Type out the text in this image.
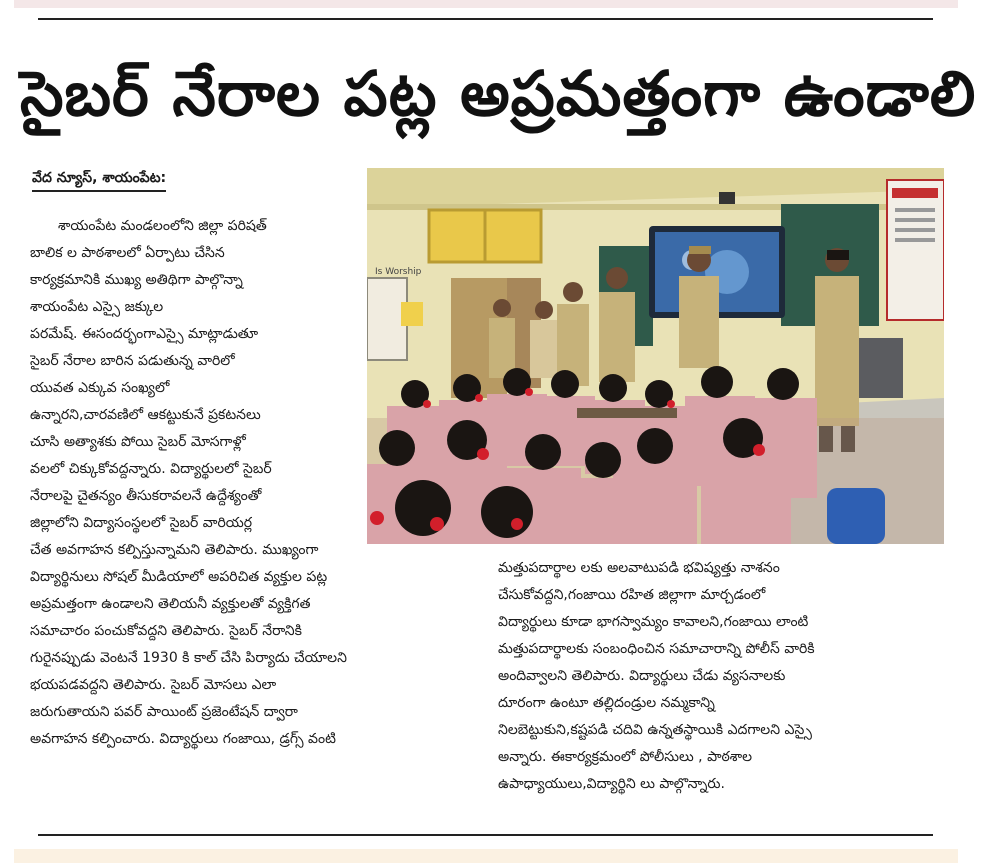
సైబర్ నేరాల పట్ల అప్రమత్తంగా ఉండాలి
వేద న్యూస్, శాయంపేట:
శాయంపేట మండలంలోని జిల్లా పరిషత్
బాలిక ల పాఠశాలలో ఏర్పాటు చేసిన
కార్యక్రమానికి ముఖ్య అతిథిగా పాల్గొన్నా
శాయంపేట ఎస్సై జక్కుల
పరమేష్. ఈసందర్భంగాఎస్సై మాట్లాడుతూ
సైబర్ నేరాల బారిన పడుతున్న వారిలో
యువత ఎక్కువ సంఖ్యలో
ఉన్నారని,చారవణిలో ఆకట్టుకునే ప్రకటనలు
చూసి అత్యాశకు పోయి సైబర్ మోసగాళ్లో
వలలో చిక్కుకోవద్దన్నారు. విద్యార్థులలో సైబర్
నేరాలపై చైతన్యం తీసుకరావలనే ఉద్దేశ్యంతో
జిల్లాలోని విద్యాసంస్థలలో సైబర్ వారియర్ల
చేత అవగాహన కల్పిస్తున్నామని తెలిపారు. ముఖ్యంగా
విద్యార్థినులు సోషల్ మీడియాలో అపరిచిత వ్యక్తుల పట్ల
అప్రమత్తంగా ఉండాలని తెలియనీ వ్యక్తులతో వ్యక్తిగత
సమాచారం పంచుకోవద్దని తెలిపారు. సైబర్ నేరానికి
గురైనప్పుడు వెంటనే 1930 కి కాల్ చేసి పిర్యాదు చేయాలని
భయపడవద్దని తెలిపారు. సైబర్ మోసలు ఎలా
జరుగుతాయని పవర్ పాయింట్ ప్రజెంటేషన్ ద్వారా
అవగాహన కల్పించారు. విద్యార్థులు గంజాయి, డ్రగ్స్ వంటి
Is Worship
మత్తుపదార్థాల లకు అలవాటుపడి భవిష్యత్తు నాశనం
చేసుకోవద్దని,గంజాయి రహిత జిల్లాగా మార్చడంలో
విద్యార్థులు కూడా భాగస్వామ్యం కావాలని,గంజాయి లాంటి
మత్తుపదార్థాలకు సంబంధించిన సమాచారాన్ని పోలీస్ వారికి
అందివ్వాలని తెలిపారు. విద్యార్థులు చేడు వ్యసనాలకు
దూరంగా ఉంటూ తల్లిదండ్రుల నమ్మకాన్ని
నిలబెట్టుకుని,కష్టపడి చదివి ఉన్నతస్థాయికి ఎదగాలని ఎస్సై
అన్నారు. ఈకార్యక్రమంలో పోలీసులు , పాఠశాల
ఉపాధ్యాయులు,విద్యార్థిని లు పాల్గొన్నారు.
